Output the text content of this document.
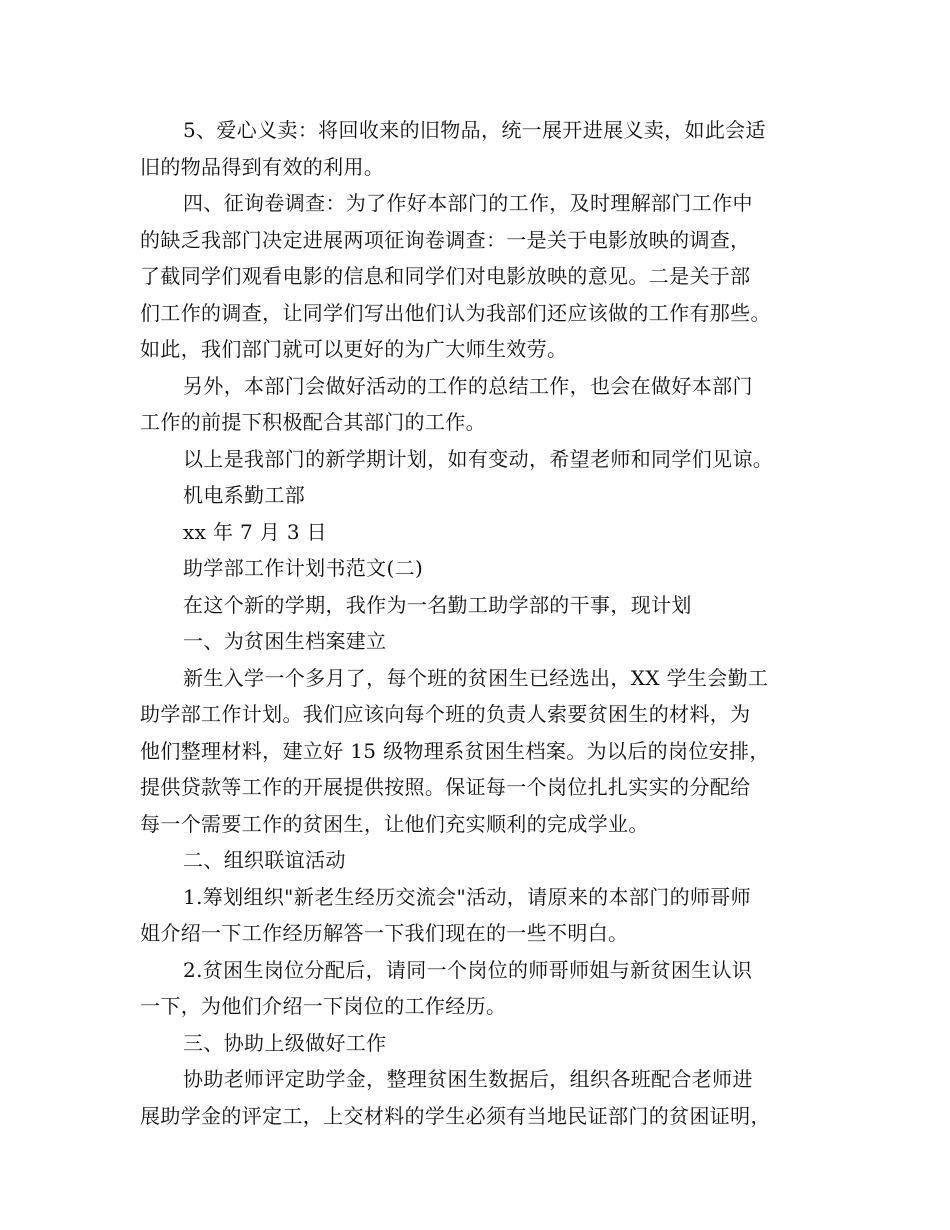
5、爱心义卖：将回收来的旧物品，统一展开进展义卖，如此会适
旧的物品得到有效的利用。
四、征询卷调查：为了作好本部门的工作，及时理解部门工作中
的缺乏我部门决定进展两项征询卷调查：一是关于电影放映的调查，
了截同学们观看电影的信息和同学们对电影放映的意见。二是关于部
们工作的调查，让同学们写出他们认为我部们还应该做的工作有那些。
如此，我们部门就可以更好的为广大师生效劳。
另外，本部门会做好活动的工作的总结工作，也会在做好本部门
工作的前提下积极配合其部门的工作。
以上是我部门的新学期计划，如有变动，希望老师和同学们见谅。
机电系勤工部
xx 年 7 月 3 日
助学部工作计划书范文(二)
在这个新的学期，我作为一名勤工助学部的干事，现计划
一、为贫困生档案建立
新生入学一个多月了，每个班的贫困生已经选出，XX 学生会勤工
助学部工作计划。我们应该向每个班的负责人索要贫困生的材料，为
他们整理材料，建立好 15 级物理系贫困生档案。为以后的岗位安排，
提供贷款等工作的开展提供按照。保证每一个岗位扎扎实实的分配给
每一个需要工作的贫困生，让他们充实顺利的完成学业。
二、组织联谊活动
1.筹划组织"新老生经历交流会"活动，请原来的本部门的师哥师
姐介绍一下工作经历解答一下我们现在的一些不明白。
2.贫困生岗位分配后，请同一个岗位的师哥师姐与新贫困生认识
一下，为他们介绍一下岗位的工作经历。
三、协助上级做好工作
协助老师评定助学金，整理贫困生数据后，组织各班配合老师进
展助学金的评定工，上交材料的学生必须有当地民证部门的贫困证明，
